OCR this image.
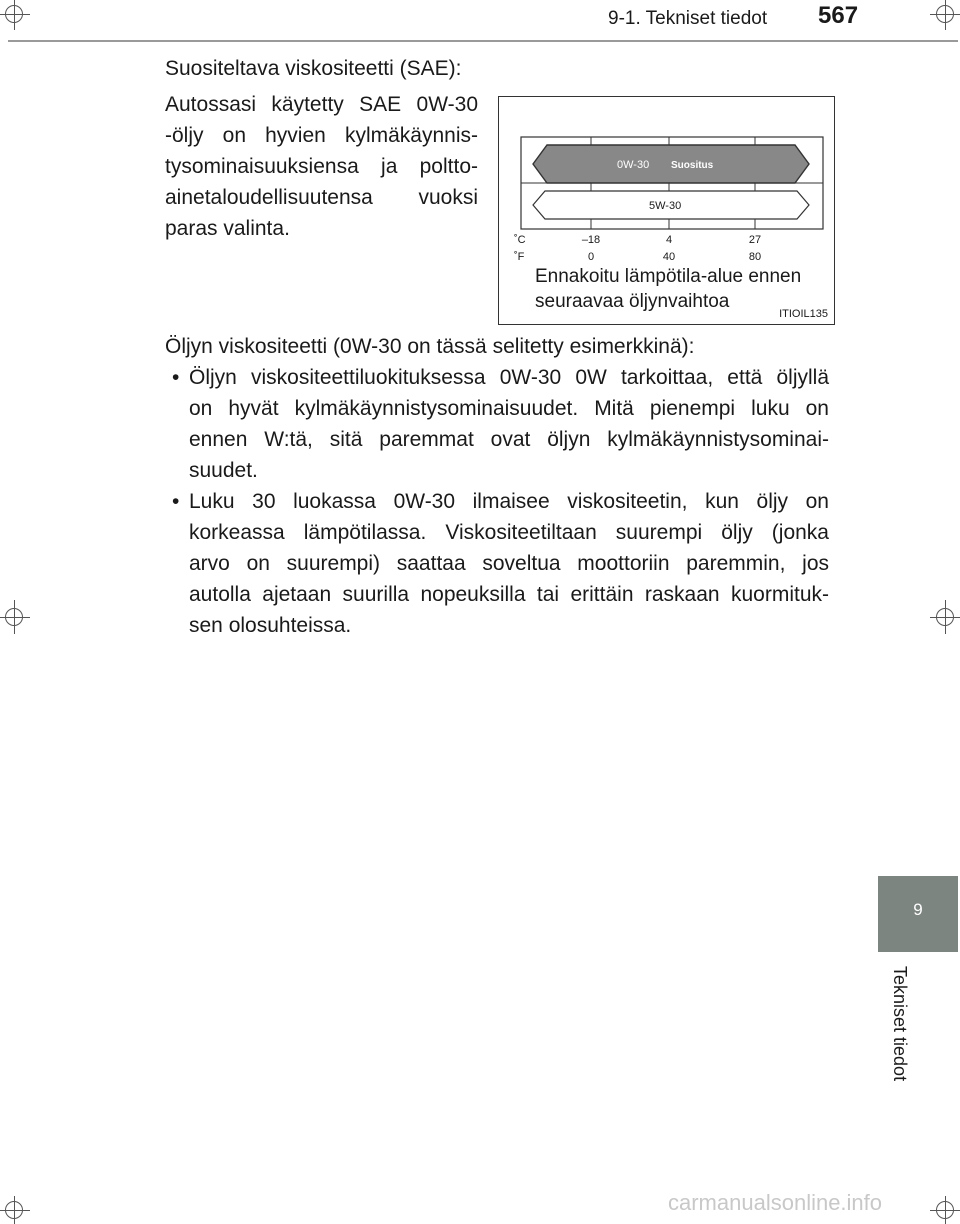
9-1. Tekniset tiedot 567
Suositeltava viskositeetti (SAE):
Autossasi käytetty SAE 0W-30
-öljy on hyvien kylmäkäynnis-
tysominaisuuksiensa ja poltto-
ainetaloudellisuutensa vuoksi
paras valinta.
0W-30 Suositus
5W-30
˚C
˚F
–18	4	27
0	40	80
Ennakoitu lämpötila-alue ennen
seuraavaa öljynvaihtoa
ITIOIL135
Öljyn viskositeetti (0W-30 on tässä selitetty esimerkkinä):
• Öljyn viskositeettiluokituksessa 0W-30 0W tarkoittaa, että öljyllä
on hyvät kylmäkäynnistysominaisuudet. Mitä pienempi luku on
ennen W:tä, sitä paremmat ovat öljyn kylmäkäynnistysominai-
suudet.
• Luku 30 luokassa 0W-30 ilmaisee viskositeetin, kun öljy on
korkeassa lämpötilassa. Viskositeetiltaan suurempi öljy (jonka
arvo on suurempi) saattaa soveltua moottoriin paremmin, jos
autolla ajetaan suurilla nopeuksilla tai erittäin raskaan kuormituk-
sen olosuhteissa.
9
Tekniset tiedot
carmanualsonline.info
